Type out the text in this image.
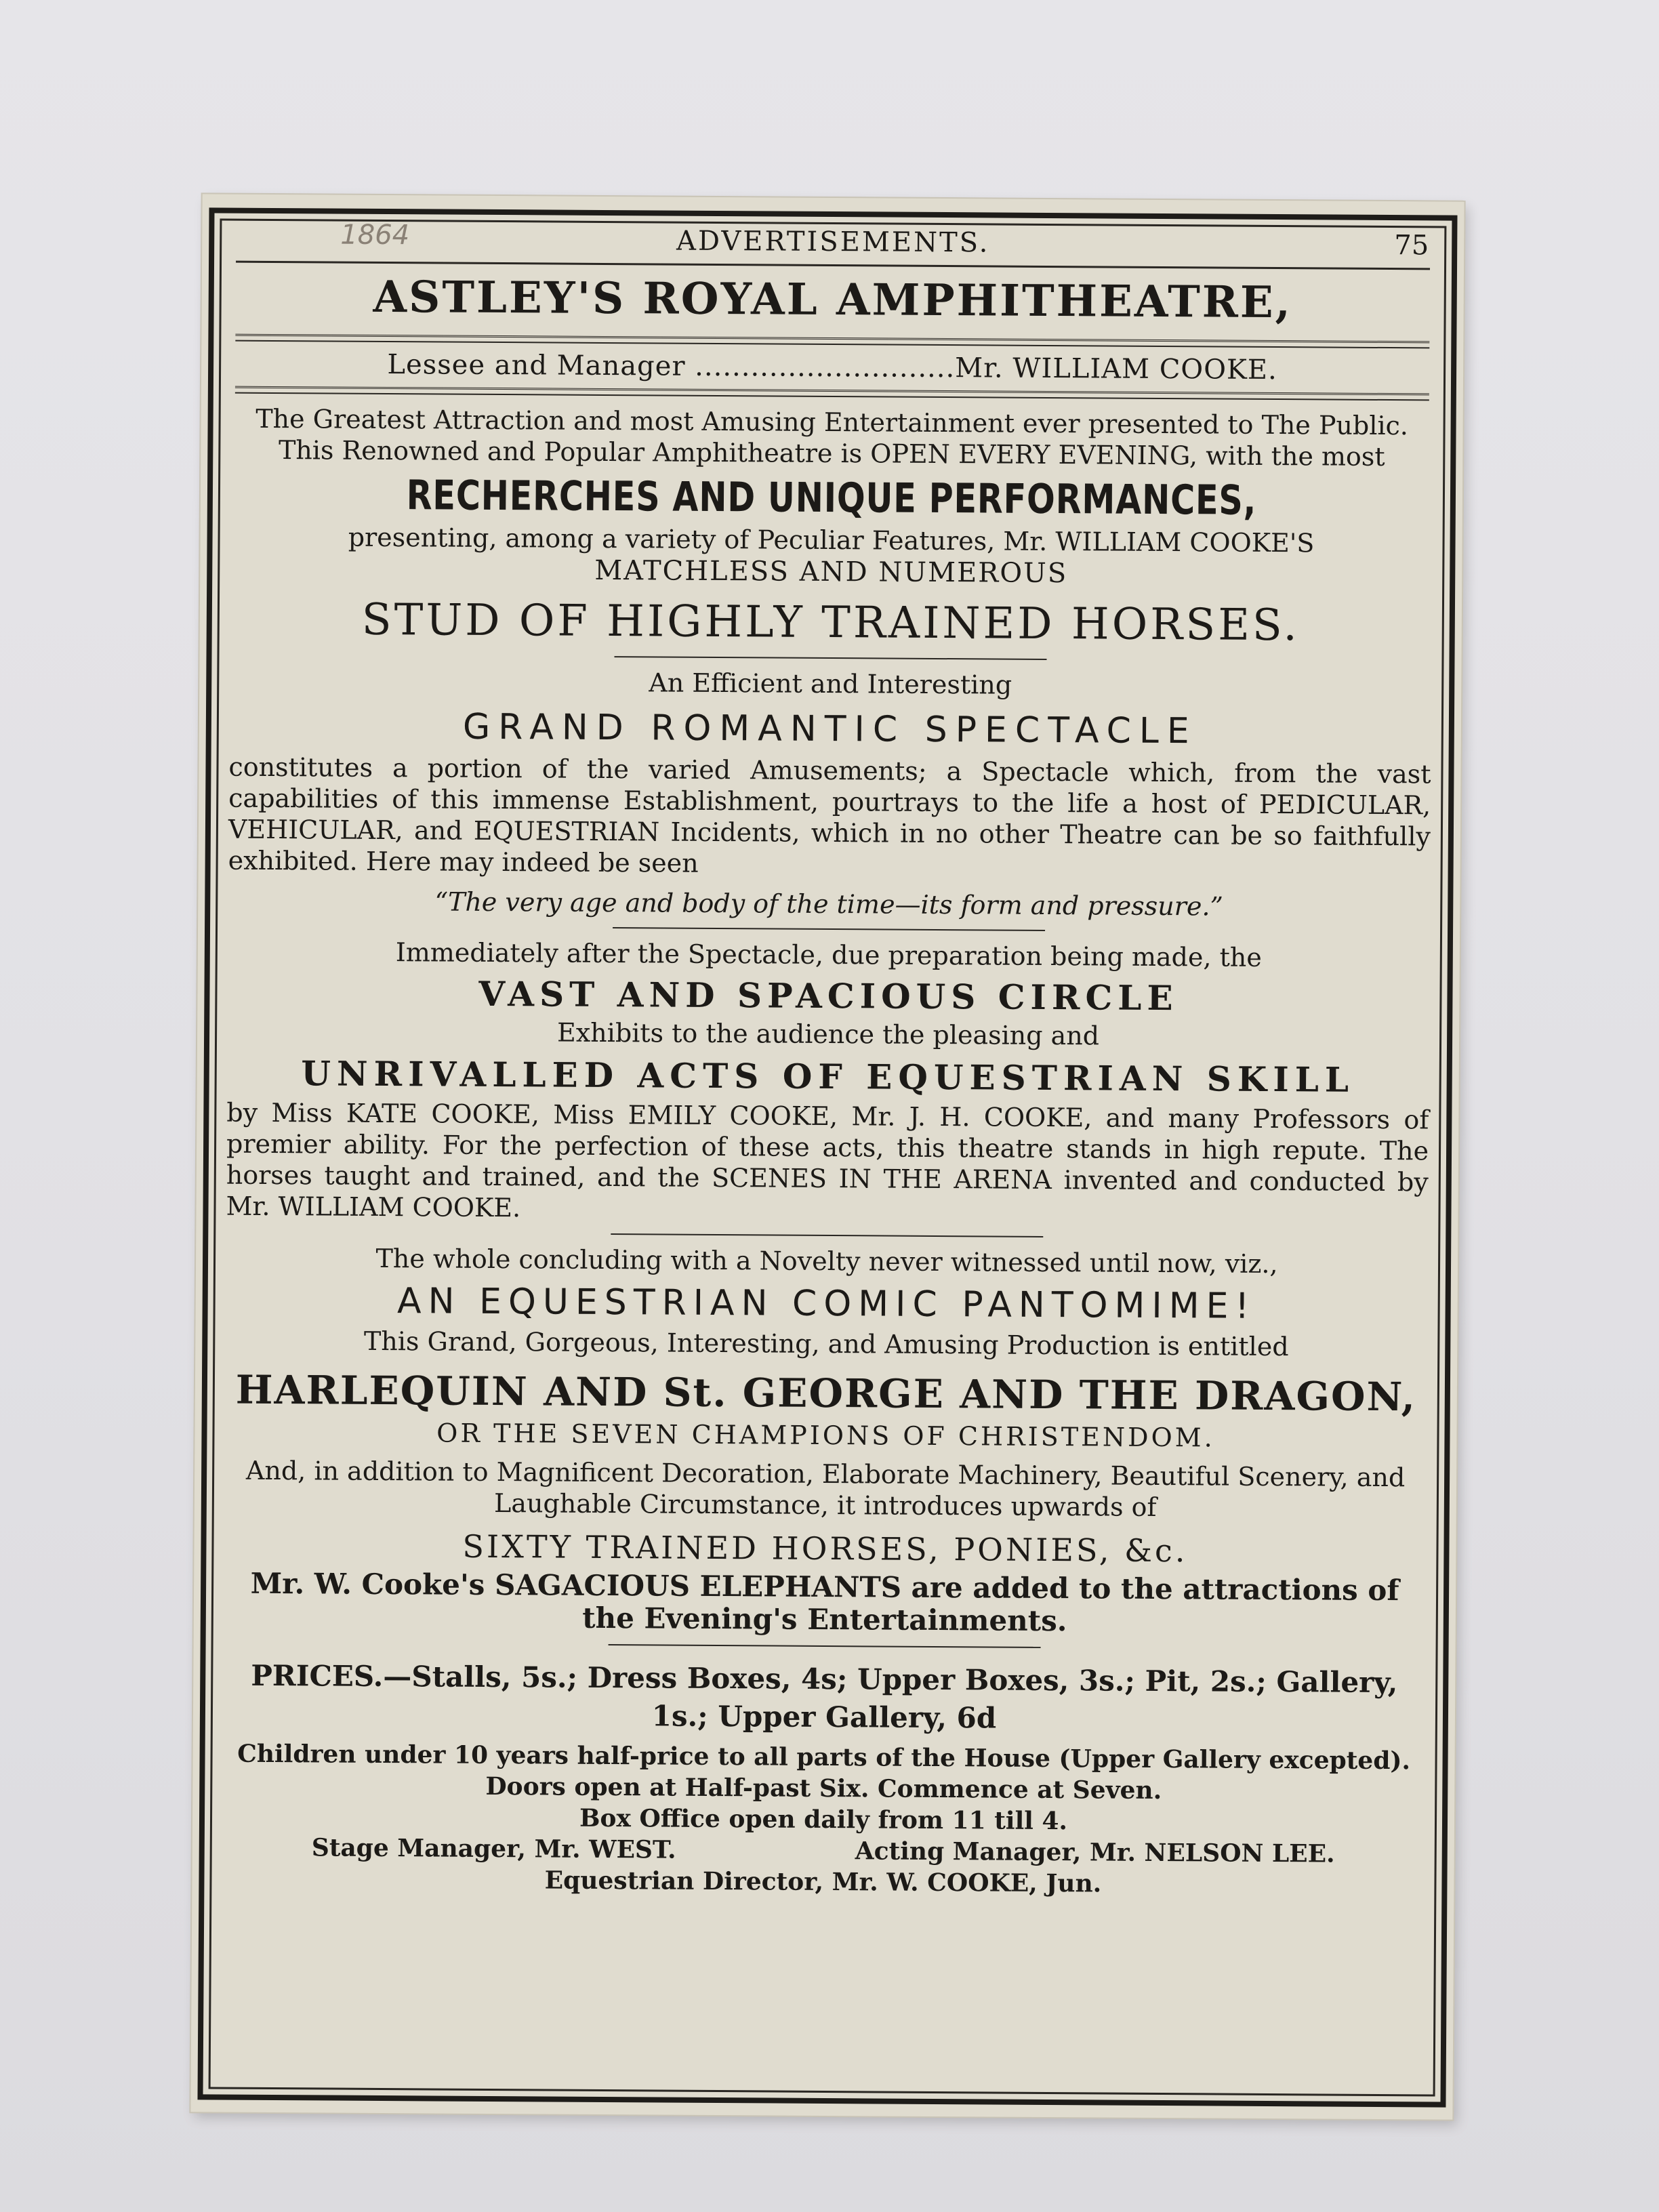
1864	ADVERTISEMENTS.	75
ASTLEY'S ROYAL AMPHITHEATRE,
Lessee and Manager ............................Mr. WILLIAM COOKE.

The Greatest Attraction and most Amusing Entertainment ever presented to The Public.

This Renowned and Popular Amphitheatre is OPEN EVERY EVENING, with the most

RECHERCHES AND UNIQUE PERFORMANCES,

presenting, among a variety of Peculiar Features, Mr. WILLIAM COOKE'S

MATCHLESS AND NUMEROUS

STUD OF HIGHLY TRAINED HORSES.

An Efficient and Interesting

GRAND ROMANTIC SPECTACLE

constitutes a portion of the varied Amusements; a Spectacle which, from the vast capabilities of this immense Establishment, pourtrays to the life a host of PEDICULAR, VEHICULAR, and EQUESTRIAN Incidents, which in no other Theatre can be so faithfully exhibited. Here may indeed be seen

“The very age and body of the time—its form and pressure.”

Immediately after the Spectacle, due preparation being made, the

VAST AND SPACIOUS CIRCLE

Exhibits to the audience the pleasing and

UNRIVALLED ACTS OF EQUESTRIAN SKILL

by Miss KATE COOKE, Miss EMILY COOKE, Mr. J. H. COOKE, and many Professors of premier ability. For the perfection of these acts, this theatre stands in high repute. The horses taught and trained, and the SCENES IN THE ARENA invented and conducted by Mr. WILLIAM COOKE.

The whole concluding with a Novelty never witnessed until now, viz.,

AN EQUESTRIAN COMIC PANTOMIME!

This Grand, Gorgeous, Interesting, and Amusing Production is entitled

HARLEQUIN AND St. GEORGE AND THE DRAGON,
OR THE SEVEN CHAMPIONS OF CHRISTENDOM.

And, in addition to Magnificent Decoration, Elaborate Machinery, Beautiful Scenery, and Laughable Circumstance, it introduces upwards of

SIXTY TRAINED HORSES, PONIES, &c.

Mr. W. Cooke's SAGACIOUS ELEPHANTS are added to the attractions of the Evening's Entertainments.

PRICES.—Stalls, 5s.; Dress Boxes, 4s; Upper Boxes, 3s.; Pit, 2s.; Gallery, 1s.; Upper Gallery, 6d

Children under 10 years half-price to all parts of the House (Upper Gallery excepted).

Doors open at Half-past Six. Commence at Seven.

Box Office open daily from 11 till 4.

Stage Manager, Mr. WEST.	Acting Manager, Mr. NELSON LEE.

Equestrian Director, Mr. W. COOKE, Jun.
